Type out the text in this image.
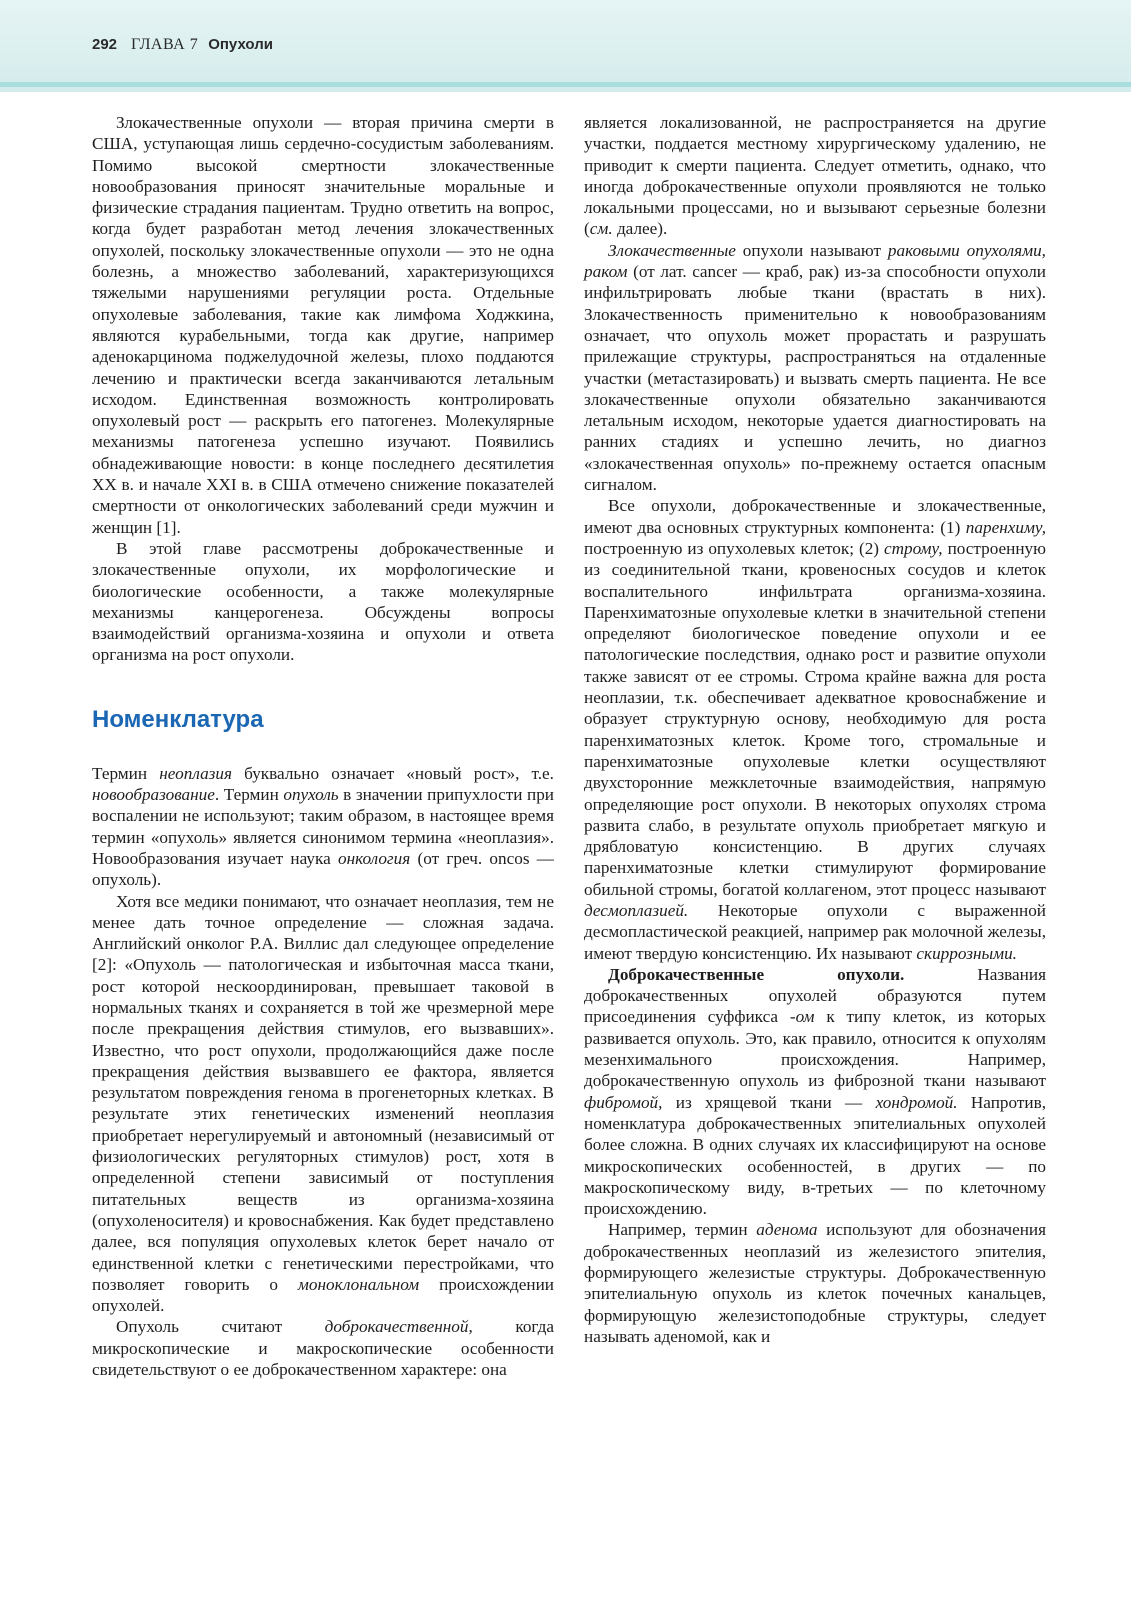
292 ГЛАВА 7 Опухоли

Злокачественные опухоли — вторая причина смерти в США, уступающая лишь сердечно-сосудистым заболеваниям. Помимо высокой смертности злокачественные новообразования приносят значительные моральные и физические страдания пациентам. Трудно ответить на вопрос, когда будет разработан метод лечения злокачественных опухолей, поскольку злокачественные опухоли — это не одна болезнь, а множество заболеваний, характеризующихся тяжелыми нарушениями регуляции роста. Отдельные опухолевые заболевания, такие как лимфома Ходжкина, являются курабельными, тогда как другие, например аденокарцинома поджелудочной железы, плохо поддаются лечению и практически всегда заканчиваются летальным исходом. Единственная возможность контролировать опухолевый рост — раскрыть его патогенез. Молекулярные механизмы патогенеза успешно изучают. Появились обнадеживающие новости: в конце последнего десятилетия XX в. и начале XXI в. в США отмечено снижение показателей смертности от онкологических заболеваний среди мужчин и женщин [1].

В этой главе рассмотрены доброкачественные и злокачественные опухоли, их морфологические и биологические особенности, а также молекулярные механизмы канцерогенеза. Обсуждены вопросы взаимодействий организма-хозяина и опухоли и ответа организма на рост опухоли.

Номенклатура

Термин неоплазия буквально означает «новый рост», т.е. новообразование. Термин опухоль в значении припухлости при воспалении не используют; таким образом, в настоящее время термин «опухоль» является синонимом термина «неоплазия». Новообразования изучает наука онкология (от греч. oncos — опухоль).

Хотя все медики понимают, что означает неоплазия, тем не менее дать точное определение — сложная задача. Английский онколог Р.А. Виллис дал следующее определение [2]: «Опухоль — патологическая и избыточная масса ткани, рост которой нескоординирован, превышает таковой в нормальных тканях и сохраняется в той же чрезмерной мере после прекращения действия стимулов, его вызвавших». Известно, что рост опухоли, продолжающийся даже после прекращения действия вызвавшего ее фактора, является результатом повреждения генома в прогенеторных клетках. В результате этих генетических изменений неоплазия приобретает нерегулируемый и автономный (независимый от физиологических регуляторных стимулов) рост, хотя в определенной степени зависимый от поступления питательных веществ из организма-хозяина (опухоленосителя) и кровоснабжения. Как будет представлено далее, вся популяция опухолевых клеток берет начало от единственной клетки с генетическими перестройками, что позволяет говорить о моноклональном происхождении опухолей.

Опухоль считают доброкачественной, когда микроскопические и макроскопические особенности свидетельствуют о ее доброкачественном характере: она

является локализованной, не распространяется на другие участки, поддается местному хирургическому удалению, не приводит к смерти пациента. Следует отметить, однако, что иногда доброкачественные опухоли проявляются не только локальными процессами, но и вызывают серьезные болезни (см. далее).

Злокачественные опухоли называют раковыми опухолями, раком (от лат. cancer — краб, рак) из-за способности опухоли инфильтрировать любые ткани (врастать в них). Злокачественность применительно к новообразованиям означает, что опухоль может прорастать и разрушать прилежащие структуры, распространяться на отдаленные участки (метастазировать) и вызвать смерть пациента. Не все злокачественные опухоли обязательно заканчиваются летальным исходом, некоторые удается диагностировать на ранних стадиях и успешно лечить, но диагноз «злокачественная опухоль» по-прежнему остается опасным сигналом.

Все опухоли, доброкачественные и злокачественные, имеют два основных структурных компонента: (1) паренхиму, построенную из опухолевых клеток; (2) строму, построенную из соединительной ткани, кровеносных сосудов и клеток воспалительного инфильтрата организма-хозяина. Паренхиматозные опухолевые клетки в значительной степени определяют биологическое поведение опухоли и ее патологические последствия, однако рост и развитие опухоли также зависят от ее стромы. Строма крайне важна для роста неоплазии, т.к. обеспечивает адекватное кровоснабжение и образует структурную основу, необходимую для роста паренхиматозных клеток. Кроме того, стромальные и паренхиматозные опухолевые клетки осуществляют двухсторонние межклеточные взаимодействия, напрямую определяющие рост опухоли. В некоторых опухолях строма развита слабо, в результате опухоль приобретает мягкую и дрябловатую консистенцию. В других случаях паренхиматозные клетки стимулируют формирование обильной стромы, богатой коллагеном, этот процесс называют десмоплазией. Некоторые опухоли с выраженной десмопластической реакцией, например рак молочной железы, имеют твердую консистенцию. Их называют скиррозными.

Доброкачественные опухоли. Названия доброкачественных опухолей образуются путем присоединения суффикса -ом к типу клеток, из которых развивается опухоль. Это, как правило, относится к опухолям мезенхимального происхождения. Например, доброкачественную опухоль из фиброзной ткани называют фибромой, из хрящевой ткани — хондромой. Напротив, номенклатура доброкачественных эпителиальных опухолей более сложна. В одних случаях их классифицируют на основе микроскопических особенностей, в других — по макроскопическому виду, в-третьих — по клеточному происхождению.

Например, термин аденома используют для обозначения доброкачественных неоплазий из железистого эпителия, формирующего железистые структуры. Доброкачественную эпителиальную опухоль из клеток почечных канальцев, формирующую железистоподобные структуры, следует называть аденомой, как и
